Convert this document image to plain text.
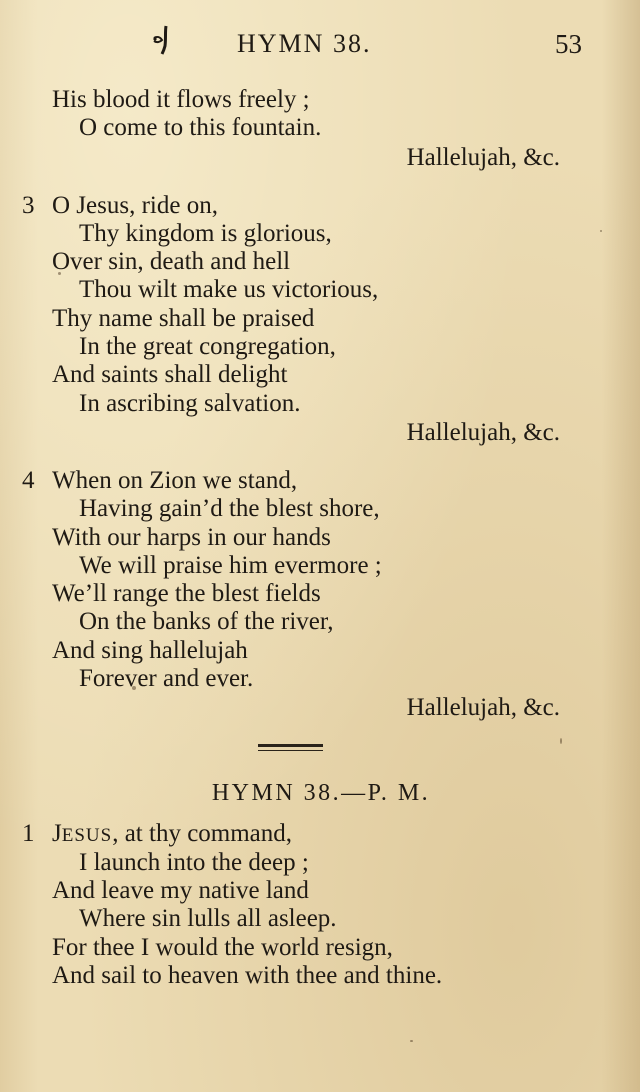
HYMN 38.	53
His blood it flows freely ;
O come to this fountain.
Hallelujah, &c.
3 O Jesus, ride on,
Thy kingdom is glorious,
Over sin, death and hell
Thou wilt make us victorious,
Thy name shall be praised
In the great congregation,
And saints shall delight
In ascribing salvation.
Hallelujah, &c.
4 When on Zion we stand,
Having gain’d the blest shore,
With our harps in our hands
We will praise him evermore ;
We’ll range the blest fields
On the banks of the river,
And sing hallelujah
Forever and ever.
Hallelujah, &c.
HYMN 38.—P. M.
1 JESUS, at thy command,
I launch into the deep ;
And leave my native land
Where sin lulls all asleep.
For thee I would the world resign,
And sail to heaven with thee and thine.
